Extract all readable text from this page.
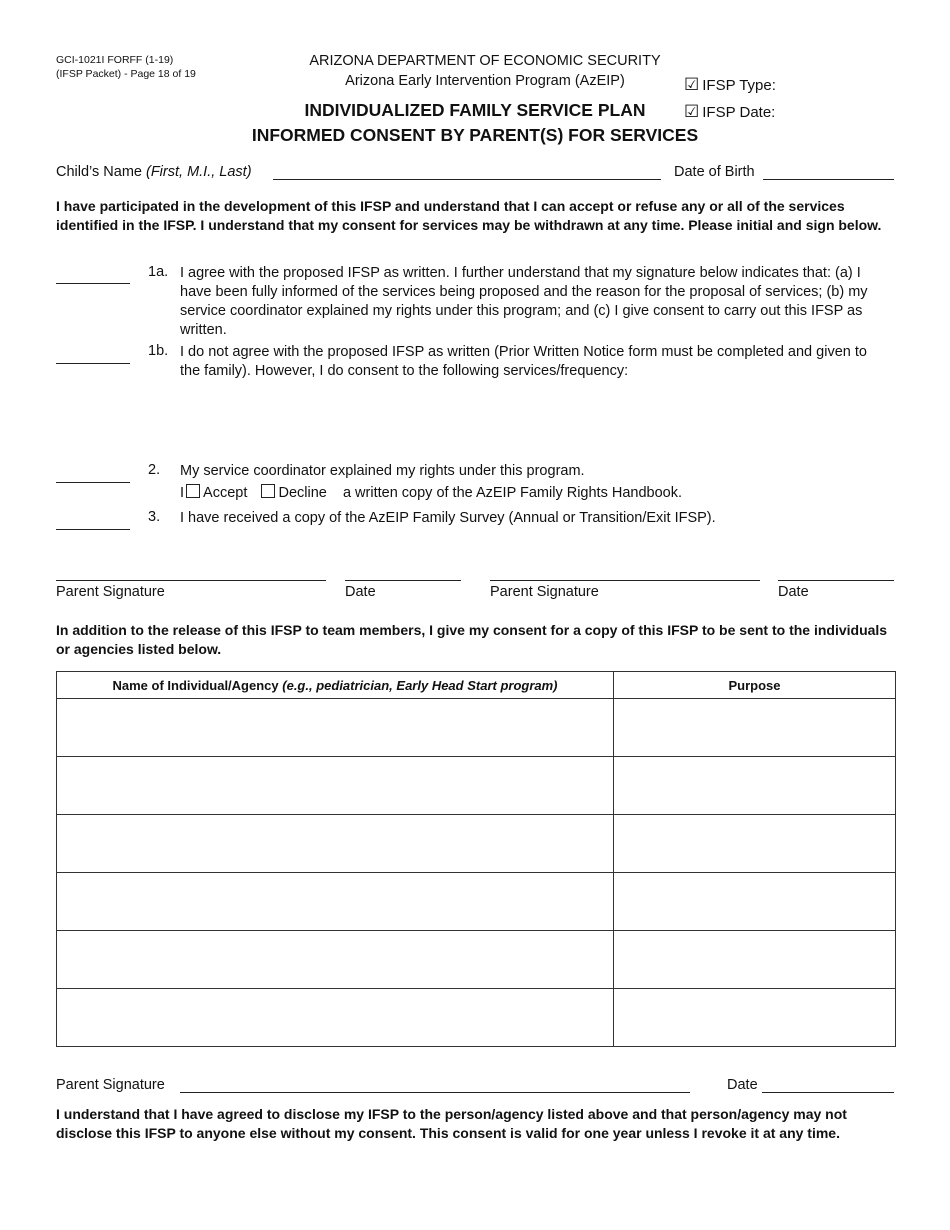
GCI-1021I FORFF (1-19)
(IFSP Packet) - Page 18 of 19
ARIZONA DEPARTMENT OF ECONOMIC SECURITY
Arizona Early Intervention Program (AzEIP)
INDIVIDUALIZED FAMILY SERVICE PLAN
INFORMED CONSENT BY PARENT(S) FOR SERVICES
☑ IFSP Type:
☑ IFSP Date:
Child’s Name (First, M.I., Last)	Date of Birth
I have participated in the development of this IFSP and understand that I can accept or refuse any or all of the services identified in the IFSP. I understand that my consent for services may be withdrawn at any time. Please initial and sign below.
1a. I agree with the proposed IFSP as written. I further understand that my signature below indicates that: (a) I have been fully informed of the services being proposed and the reason for the proposal of services; (b) my service coordinator explained my rights under this program; and (c) I give consent to carry out this IFSP as written.
1b. I do not agree with the proposed IFSP as written (Prior Written Notice form must be completed and given to the family). However, I do consent to the following services/frequency:
2. My service coordinator explained my rights under this program.
I Accept Decline a written copy of the AzEIP Family Rights Handbook.
3. I have received a copy of the AzEIP Family Survey (Annual or Transition/Exit IFSP).
Parent Signature	Date	Parent Signature	Date
In addition to the release of this IFSP to team members, I give my consent for a copy of this IFSP to be sent to the individuals or agencies listed below.
Name of Individual/Agency (e.g., pediatrician, Early Head Start program)	Purpose

Parent Signature	Date
I understand that I have agreed to disclose my IFSP to the person/agency listed above and that person/agency may not disclose this IFSP to anyone else without my consent. This consent is valid for one year unless I revoke it at any time.
